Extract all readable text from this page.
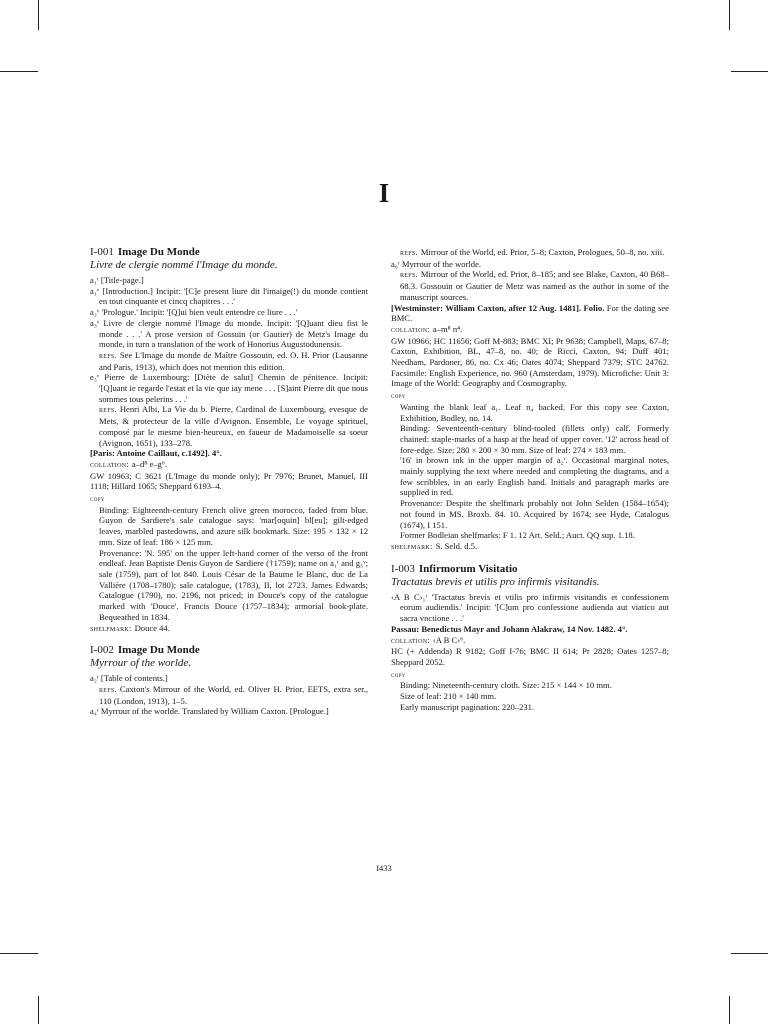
I
I-001 Image Du Monde
Livre de clergie nommé l'Image du monde.
a₁ʳ [Title-page.]
a₁ᵛ [Introduction.] Incipit: '[C]e present liure dit l'imaige(!) du monde contient en tout cinquante et cincq chapitres . . .'
a₂ᵛ 'Prologue.' Incipit: '[Q]ui bien veult entendre ce liure . . .'
a₃ᵛ Livre de clergie nommé l'Image du monde. Incipit: '[Q]uant dieu fist le monde . . .' A prose version of Gossuin (or Gautier) de Metz's Image du monde, in turn a translation of the work of Honorius Augustodunensis.
refs. See L'Image du monde de Maître Gossouin, ed. O. H. Prior (Lausanne and Paris, 1913), which does not mention this edition.
e₅ᵛ Pierre de Luxembourg: [Diète de salut] Chemin de pénitence. Incipit: '[Q]uant ie regarde l'estat et la vie que iay mene . . . [S]aint Pierre dit que nous sommes tous pelerins . . .'
refs. Henri Albi, La Vie du b. Pierre, Cardinal de Luxembourg, evesque de Mets, & protecteur de la ville d'Avignon. Ensemble, Le voyage spirituel, composé par le mesme bien-heureux, en faueur de Madamoiselle sa soeur (Avignon, 1651), 133–278.
[Paris: Antoine Caillaut, c.1492]. 4°.
collation: a–d⁸ e–g⁶.
GW 10963; C 3621 (L'Image du monde only); Pr 7976; Brunet, Manuel, III 1118; Hillard 1065; Sheppard 6193–4.
copy
Binding: Eighteenth-century French olive green morocco, faded from blue. Guyon de Sardiere's sale catalogue says: 'mar[oquin] bl[eu]; gilt-edged leaves, marbled pastedowns, and azure silk bookmark. Size: 195 × 132 × 12 mm. Size of leaf: 186 × 125 mm.
Provenance: 'N. 595' on the upper left-hand corner of the verso of the front endleaf. Jean Baptiste Denis Guyon de Sardiere (†1759); name on a₁ʳ and g₅ᵛ; sale (1759), part of lot 840. Louis César de la Baume le Blanc, duc de La Vallière (1708–1780); sale catalogue, (1783), II, lot 2723. James Edwards; Catalogue (1790), no. 2196, not priced; in Douce's copy of the catalogue marked with 'Douce'. Francis Douce (1757–1834); armorial book-plate. Bequeathed in 1834.
shelfmark: Douce 44.
I-002 Image Du Monde
Myrrour of the worlde.
a₂ʳ [Table of contents.]
refs. Caxton's Mirrour of the World, ed. Oliver H. Prior, EETS, extra ser., 110 (London, 1913), 1–5.
a₄ʳ Myrrour of the worlde. Translated by William Caxton. [Prologue.]
refs. Mirrour of the World, ed. Prior, 5–8; Caxton, Prologues, 50–8, no. xiii.
a₆ʳ Myrrour of the worlde.
refs. Mirrour of the World, ed. Prior, 8–185; and see Blake, Caxton, 40 B68–68.3. Gossouin or Gautier de Metz was named as the author in some of the manuscript sources.
[Westminster: William Caxton, after 12 Aug. 1481]. Folio. For the dating see BMC.
collation: a–m⁸ n⁴.
GW 10966; HC 11656; Goff M-883; BMC XI; Pr 9638; Campbell, Maps, 67–8; Caxton, Exhibition, BL, 47–8, no. 40; de Ricci, Caxton, 94; Duff 401; Needham, Pardoner, 86, no. Cx 46; Oates 4074; Sheppard 7379; STC 24762. Facsimile: English Experience, no. 960 (Amsterdam, 1979). Microfiche: Unit 3: Image of the World: Geography and Cosmography.
copy
Wanting the blank leaf a₁. Leaf n₄ backed. For this copy see Caxton, Exhibition, Bodley, no. 14.
Binding: Seventeenth-century blind-tooled (fillets only) calf. Formerly chained: staple-marks of a hasp at the head of upper cover. '12' across head of fore-edge. Size: 280 × 200 × 30 mm. Size of leaf: 274 × 183 mm.
'16' in brown ink in the upper margin of a₂ʳ. Occasional marginal notes, mainly supplying the text where needed and completing the diagrams, and a few scribbles, in an early English hand. Initials and paragraph marks are supplied in red.
Provenance: Despite the shelfmark probably not John Selden (1584–1654); not found in MS. Broxb. 84. 10. Acquired by 1674; see Hyde, Catalogus (1674), I 151.
Former Bodleian shelfmarks: F 1. 12 Art. Seld.; Auct. QQ sup. 1.18.
shelfmark: S. Seld. d.5.
I-003 Infirmorum Visitatio
Tractatus brevis et utilis pro infirmis visitandis.
‹A B C›₁ʳ 'Tractatus brevis et vtilis pro infirmis visitandis et confessionem eorum audiendis.' Incipit: '[C]um pro confessione audienda aut viatico aut sacra vnctione . . .'
Passau: Benedictus Mayr and Johann Alakraw, 14 Nov. 1482. 4°.
collation: ‹A B C›⁶.
HC (+ Addenda) R 9182; Goff I-76; BMC II 614; Pr 2828; Oates 1257–8; Sheppard 2052.
copy
Binding: Nineteenth-century cloth. Size: 215 × 144 × 10 mm.
Size of leaf: 210 × 140 mm.
Early manuscript pagination: 220–231.
I433
